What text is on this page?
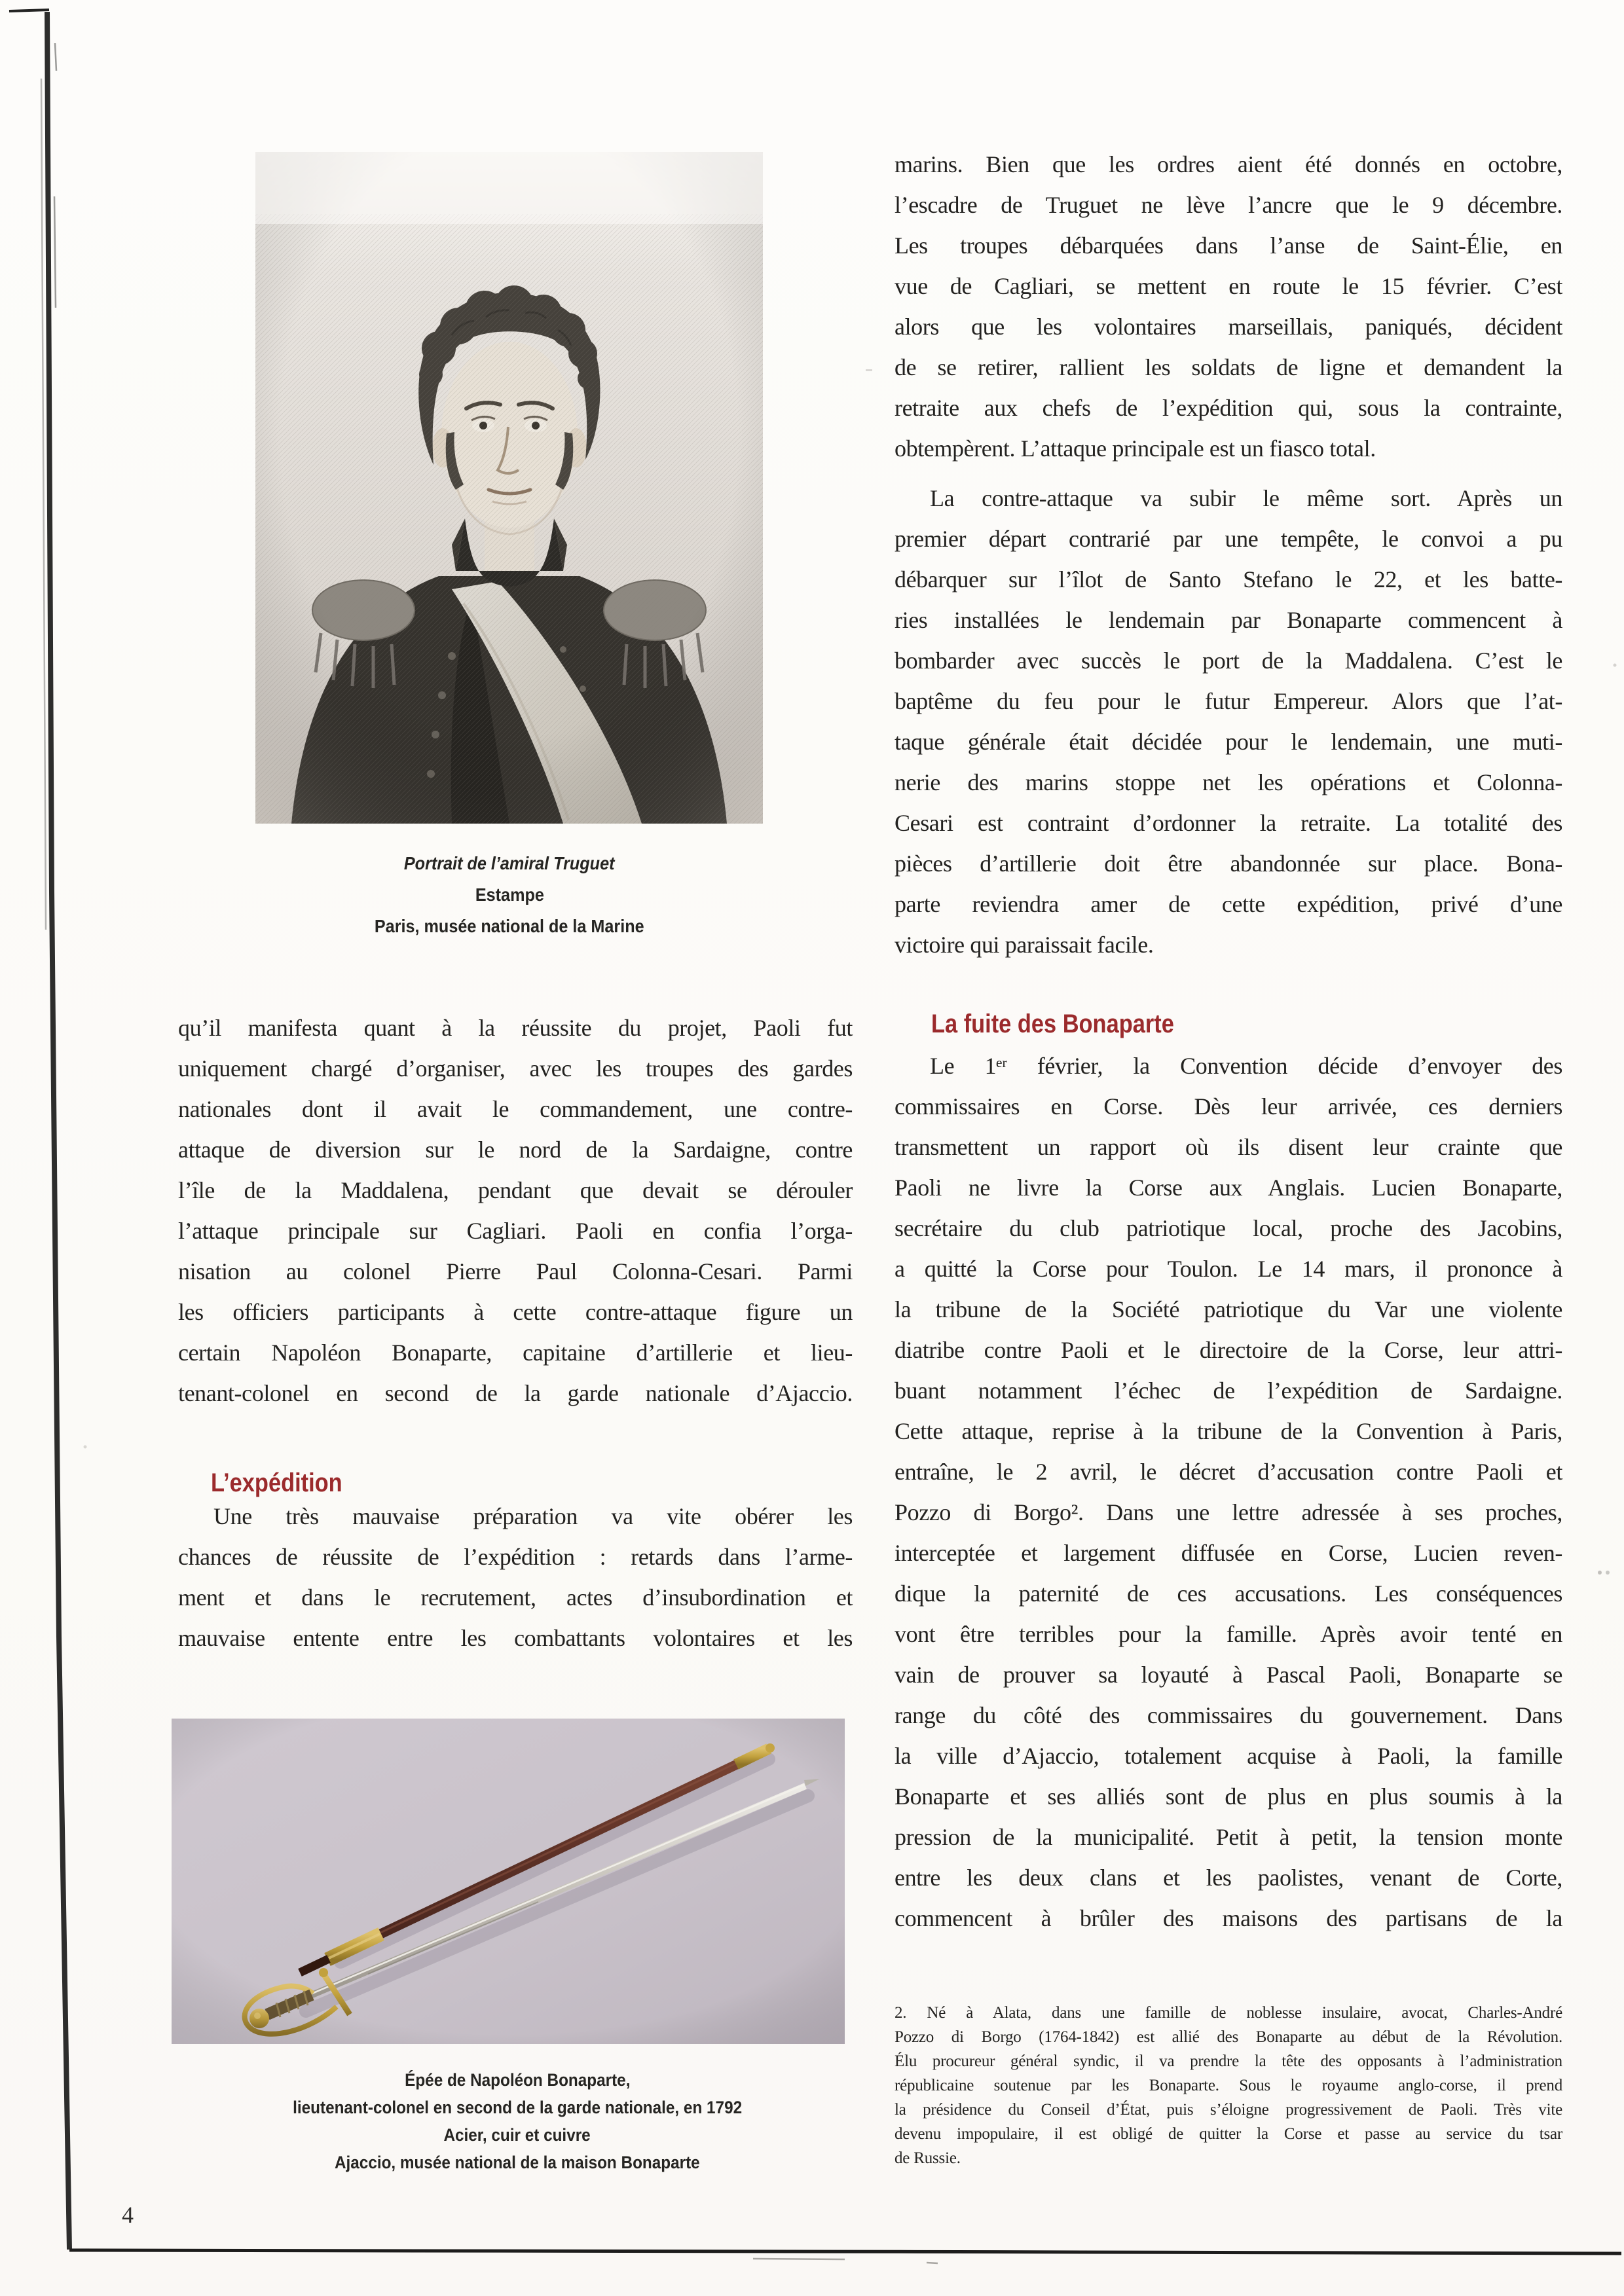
Portrait de l’amiral Truguet
Estampe
Paris, musée national de la Marine
qu’il manifesta quant à la réussite du projet, Paoli fut
uniquement chargé d’organiser, avec les troupes des gardes
nationales dont il avait le commandement, une contre-
attaque de diversion sur le nord de la Sardaigne, contre
l’île de la Maddalena, pendant que devait se dérouler
l’attaque principale sur Cagliari. Paoli en confia l’orga-
nisation au colonel Pierre Paul Colonna-Cesari. Parmi
les officiers participants à cette contre-attaque figure un
certain Napoléon Bonaparte, capitaine d’artillerie et lieu-
tenant-colonel en second de la garde nationale d’Ajaccio.
L’expédition
Une très mauvaise préparation va vite obérer les
chances de réussite de l’expédition : retards dans l’arme-
ment et dans le recrutement, actes d’insubordination et
mauvaise entente entre les combattants volontaires et les
Épée de Napoléon Bonaparte,
lieutenant-colonel en second de la garde nationale, en 1792
Acier, cuir et cuivre
Ajaccio, musée national de la maison Bonaparte
marins. Bien que les ordres aient été donnés en octobre,
l’escadre de Truguet ne lève l’ancre que le 9 décembre.
Les troupes débarquées dans l’anse de Saint-Élie, en
vue de Cagliari, se mettent en route le 15 février. C’est
alors que les volontaires marseillais, paniqués, décident
de se retirer, rallient les soldats de ligne et demandent la
retraite aux chefs de l’expédition qui, sous la contrainte,
obtempèrent. L’attaque principale est un fiasco total.
La contre-attaque va subir le même sort. Après un
premier départ contrarié par une tempête, le convoi a pu
débarquer sur l’îlot de Santo Stefano le 22, et les batte-
ries installées le lendemain par Bonaparte commencent à
bombarder avec succès le port de la Maddalena. C’est le
baptême du feu pour le futur Empereur. Alors que l’at-
taque générale était décidée pour le lendemain, une muti-
nerie des marins stoppe net les opérations et Colonna-
Cesari est contraint d’ordonner la retraite. La totalité des
pièces d’artillerie doit être abandonnée sur place. Bona-
parte reviendra amer de cette expédition, privé d’une
victoire qui paraissait facile.
La fuite des Bonaparte
Le 1ᵉʳ février, la Convention décide d’envoyer des
commissaires en Corse. Dès leur arrivée, ces derniers
transmettent un rapport où ils disent leur crainte que
Paoli ne livre la Corse aux Anglais. Lucien Bonaparte,
secrétaire du club patriotique local, proche des Jacobins,
a quitté la Corse pour Toulon. Le 14 mars, il prononce à
la tribune de la Société patriotique du Var une violente
diatribe contre Paoli et le directoire de la Corse, leur attri-
buant notamment l’échec de l’expédition de Sardaigne.
Cette attaque, reprise à la tribune de la Convention à Paris,
entraîne, le 2 avril, le décret d’accusation contre Paoli et
Pozzo di Borgo². Dans une lettre adressée à ses proches,
interceptée et largement diffusée en Corse, Lucien reven-
dique la paternité de ces accusations. Les conséquences
vont être terribles pour la famille. Après avoir tenté en
vain de prouver sa loyauté à Pascal Paoli, Bonaparte se
range du côté des commissaires du gouvernement. Dans
la ville d’Ajaccio, totalement acquise à Paoli, la famille
Bonaparte et ses alliés sont de plus en plus soumis à la
pression de la municipalité. Petit à petit, la tension monte
entre les deux clans et les paolistes, venant de Corte,
commencent à brûler des maisons des partisans de la
2. Né à Alata, dans une famille de noblesse insulaire, avocat, Charles-André
Pozzo di Borgo (1764-1842) est allié des Bonaparte au début de la Révolution.
Élu procureur général syndic, il va prendre la tête des opposants à l’administration
républicaine soutenue par les Bonaparte. Sous le royaume anglo-corse, il prend
la présidence du Conseil d’État, puis s’éloigne progressivement de Paoli. Très vite
devenu impopulaire, il est obligé de quitter la Corse et passe au service du tsar
de Russie.
4
